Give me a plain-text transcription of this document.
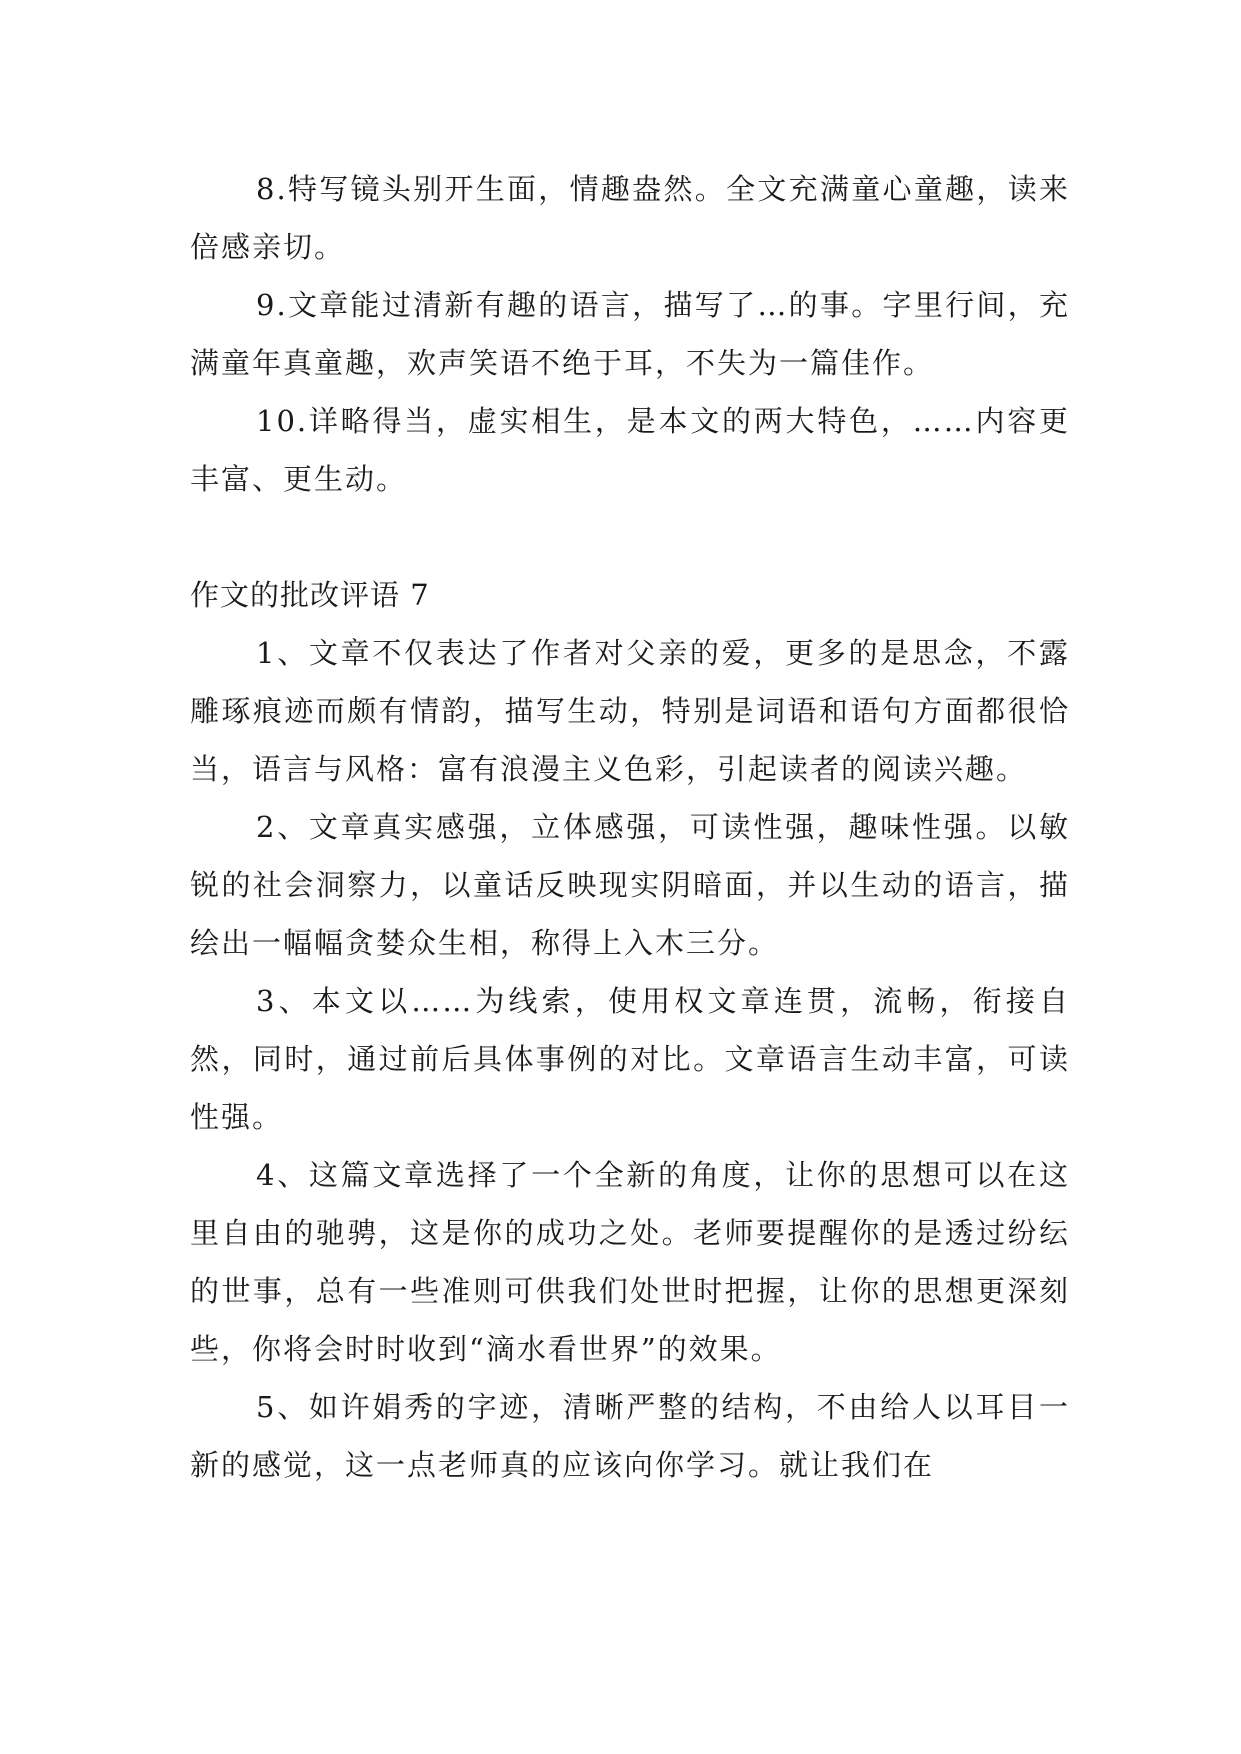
8.特写镜头别开生面，情趣盎然。全文充满童心童趣，读来倍感亲切。

9.文章能过清新有趣的语言，描写了…的事。字里行间，充满童年真童趣，欢声笑语不绝于耳，不失为一篇佳作。

10.详略得当，虚实相生，是本文的两大特色，……内容更丰富、更生动。

作文的批改评语 7

1、文章不仅表达了作者对父亲的爱，更多的是思念，不露雕琢痕迹而颇有情韵，描写生动，特别是词语和语句方面都很恰当，语言与风格：富有浪漫主义色彩，引起读者的阅读兴趣。

2、文章真实感强，立体感强，可读性强，趣味性强。以敏锐的社会洞察力，以童话反映现实阴暗面，并以生动的语言，描绘出一幅幅贪婪众生相，称得上入木三分。

3、本文以……为线索，使用权文章连贯，流畅，衔接自然，同时，通过前后具体事例的对比。文章语言生动丰富，可读性强。

4、这篇文章选择了一个全新的角度，让你的思想可以在这里自由的驰骋，这是你的成功之处。老师要提醒你的是透过纷纭的世事，总有一些准则可供我们处世时把握，让你的思想更深刻些，你将会时时收到“滴水看世界”的效果。

5、如许娟秀的字迹，清晰严整的结构，不由给人以耳目一新的感觉，这一点老师真的应该向你学习。就让我们在
